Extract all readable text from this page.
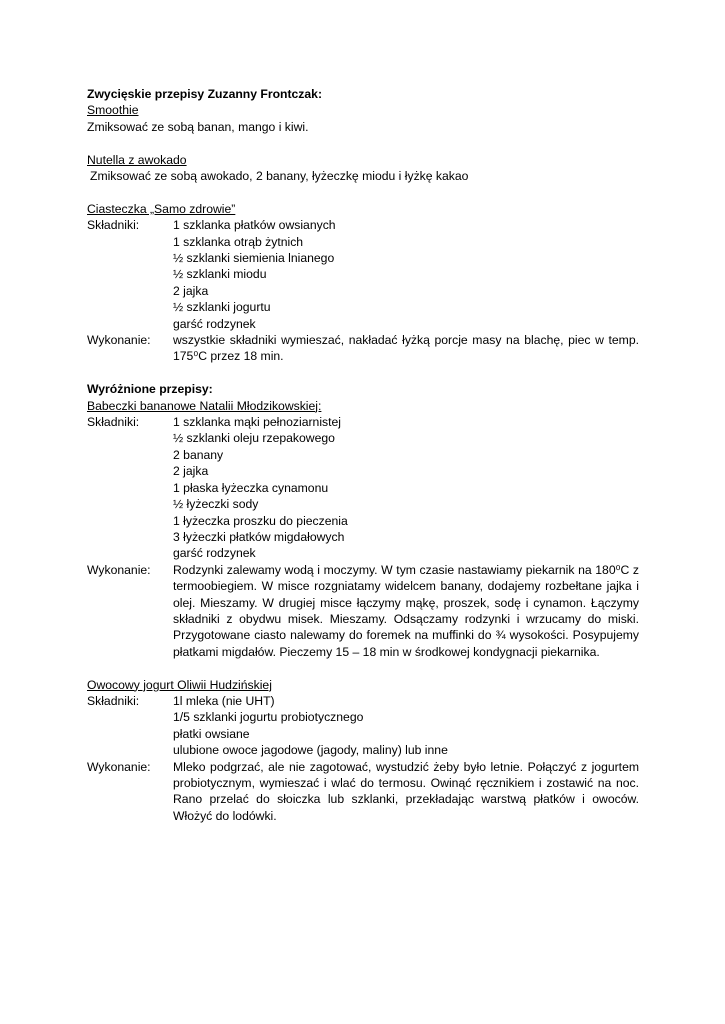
Zwycięskie przepisy Zuzanny Frontczak:
Smoothie
Zmiksować ze sobą banan, mango i kiwi.
Nutella z awokado
Zmiksować ze sobą awokado, 2 banany, łyżeczkę miodu i łyżkę kakao
Ciasteczka „Samo zdrowie”
Składniki:	1 szklanka płatków owsianych
1 szklanka otrąb żytnich
½ szklanki siemienia lnianego
½ szklanki miodu
2 jajka
½ szklanki jogurtu
garść rodzynek
Wykonanie:	wszystkie składniki wymieszać, nakładać łyżką porcje masy na blachę, piec w temp. 175⁰C przez 18 min.
Wyróżnione przepisy:
Babeczki bananowe Natalii Młodzikowskiej:
Składniki:	1 szklanka mąki pełnoziarnistej
½ szklanki oleju rzepakowego
2 banany
2 jajka
1 płaska łyżeczka cynamonu
½ łyżeczki sody
1 łyżeczka proszku do pieczenia
3 łyżeczki płatków migdałowych
garść rodzynek
Wykonanie:	Rodzynki zalewamy wodą i moczymy. W tym czasie nastawiamy piekarnik na 180⁰C z termoobiegiem. W misce rozgniatamy widelcem banany, dodajemy rozbełtane jajka i olej. Mieszamy. W drugiej misce łączymy mąkę, proszek, sodę i cynamon. Łączymy składniki z obydwu misek. Mieszamy. Odsączamy rodzynki i wrzucamy do miski. Przygotowane ciasto nalewamy do foremek na muffinki do ¾ wysokości. Posypujemy płatkami migdałów. Pieczemy 15 – 18 min w środkowej kondygnacji piekarnika.
Owocowy jogurt Oliwii Hudzińskiej
Składniki:	1l mleka (nie UHT)
1/5 szklanki jogurtu probiotycznego
płatki owsiane
ulubione owoce jagodowe (jagody, maliny) lub inne
Wykonanie:	Mleko podgrzać, ale nie zagotować, wystudzić żeby było letnie. Połączyć z jogurtem probiotycznym, wymieszać i wlać do termosu. Owinąć ręcznikiem i zostawić na noc. Rano przelać do słoiczka lub szklanki, przekładając warstwą płatków i owoców. Włożyć do lodówki.
